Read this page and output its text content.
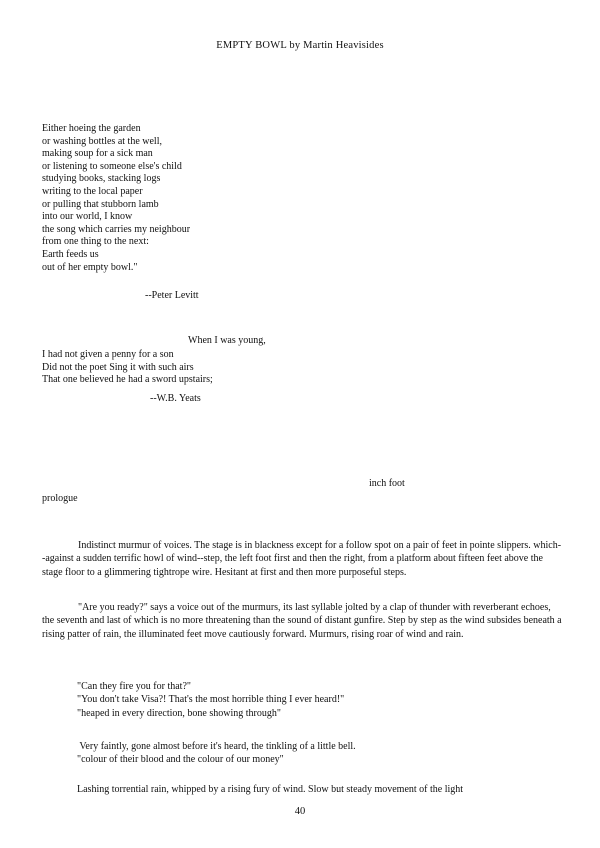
EMPTY BOWL by Martin Heavisides
Either hoeing the garden
or washing bottles at the well,
making soup for a sick man
or listening to someone else's child
studying books, stacking logs
writing to the local paper
or pulling that stubborn lamb
into our world, I know
the song which carries my neighbour
from one thing to the next:
Earth feeds us
out of her empty bowl."
--Peter Levitt
When I was young,
I had not given a penny for a son
Did not the poet Sing it with such airs
That one believed he had a sword upstairs;
--W.B. Yeats
inch foot
prologue
Indistinct murmur of voices. The stage is in blackness except for a follow spot on a pair of feet in pointe slippers. which--against a sudden terrific howl of wind--step, the left foot first and then the right, from a platform about fifteen feet above the stage floor to a glimmering tightrope wire. Hesitant at first and then more purposeful steps.
"Are you ready?" says a voice out of the murmurs, its last syllable jolted by a clap of thunder with reverberant echoes, the seventh and last of which is no more threatening than the sound of distant gunfire. Step by step as the wind subsides beneath a rising patter of rain, the illuminated feet move cautiously forward. Murmurs, rising roar of wind and rain.
"Can they fire you for that?"
"You don't take Visa?! That's the most horrible thing I ever heard!"
"heaped in every direction, bone showing through"
Very faintly, gone almost before it's heard, the tinkling of a little bell.
"colour of their blood and the colour of our money"
Lashing torrential rain, whipped by a rising fury of wind. Slow but steady movement of the light
40
